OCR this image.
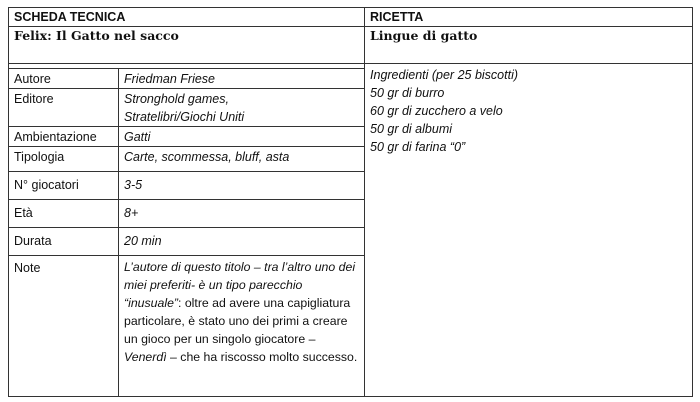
SCHEDA TECNICA		RICETTA
Felix: Il Gatto nel sacco		Lingue di gatto

		Ingredienti (per 25 biscotti)
50 gr di burro
60 gr di zucchero a velo
50 gr di albumi
50 gr di farina “0”

Autore	Friedman Friese	
Editore	Stronghold games,
Stratelibri/Giochi Uniti	

Ambientazione	Gatti	
Tipologia	Carte, scommessa, bluff, asta	
N° giocatori	3-5	
Età	8+	
Durata	20 min	
Note	L’autore di questo titolo – tra l’altro uno dei miei preferiti- è un tipo parecchio “inusuale”: oltre ad avere una capigliatura particolare, è stato uno dei primi a creare un gioco per un singolo giocatore – Venerdì – che ha riscosso molto successo.	
